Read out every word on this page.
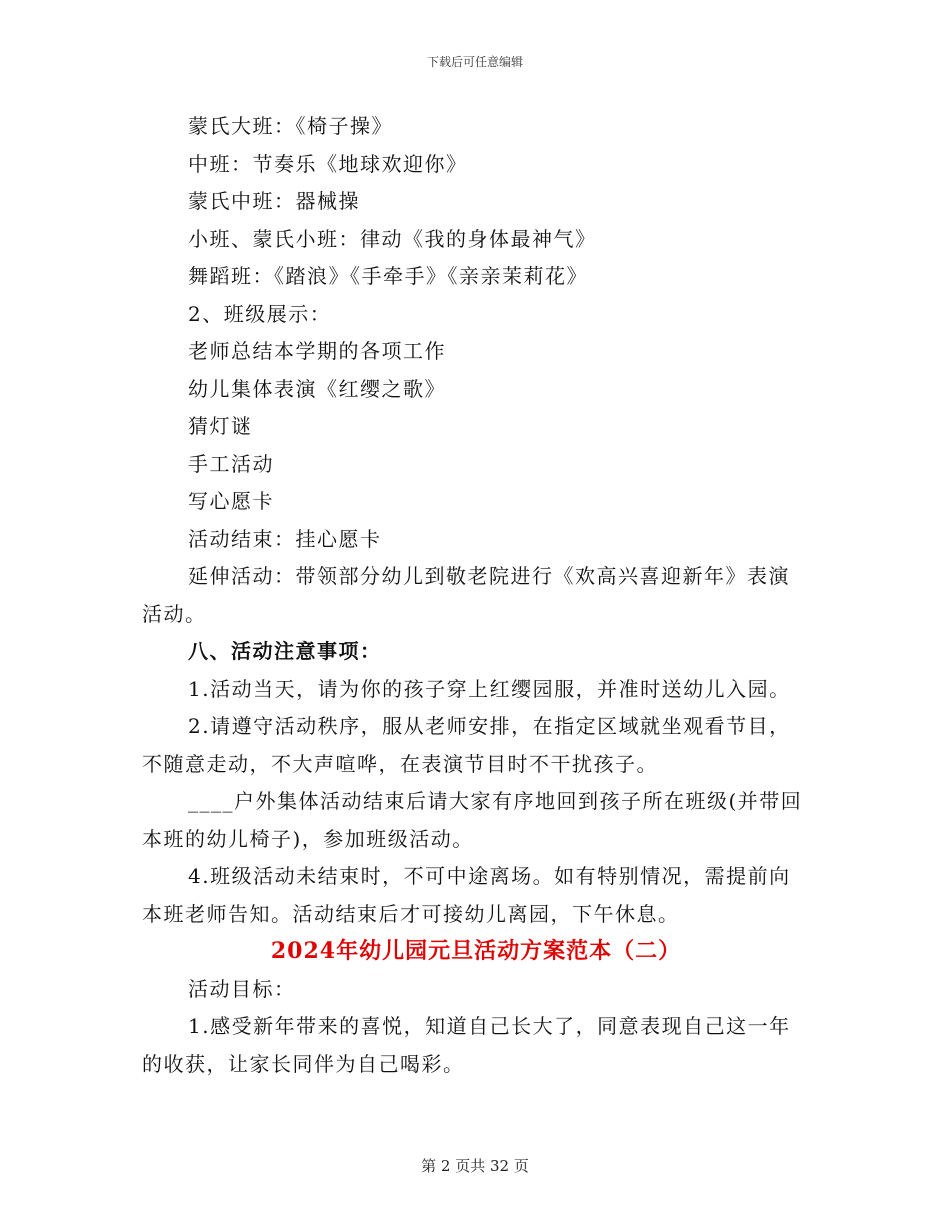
下载后可任意编辑
蒙氏大班：《椅子操》
中班：节奏乐《地球欢迎你》
蒙氏中班：器械操
小班、蒙氏小班：律动《我的身体最神气》
舞蹈班：《踏浪》《手牵手》《亲亲茉莉花》
2、班级展示：
老师总结本学期的各项工作
幼儿集体表演《红缨之歌》
猜灯谜
手工活动
写心愿卡
活动结束：挂心愿卡
延伸活动：带领部分幼儿到敬老院进行《欢高兴喜迎新年》表演
活动。
八、活动注意事项：
1.活动当天，请为你的孩子穿上红缨园服，并准时送幼儿入园。
2.请遵守活动秩序，服从老师安排，在指定区域就坐观看节目，
不随意走动，不大声喧哗，在表演节目时不干扰孩子。
____户外集体活动结束后请大家有序地回到孩子所在班级(并带回
本班的幼儿椅子)，参加班级活动。
4.班级活动未结束时，不可中途离场。如有特别情况，需提前向
本班老师告知。活动结束后才可接幼儿离园，下午休息。
2024年幼儿园元旦活动方案范本（二）
活动目标：
1.感受新年带来的喜悦，知道自己长大了，同意表现自己这一年
的收获，让家长同伴为自己喝彩。
第 2 页共 32 页
